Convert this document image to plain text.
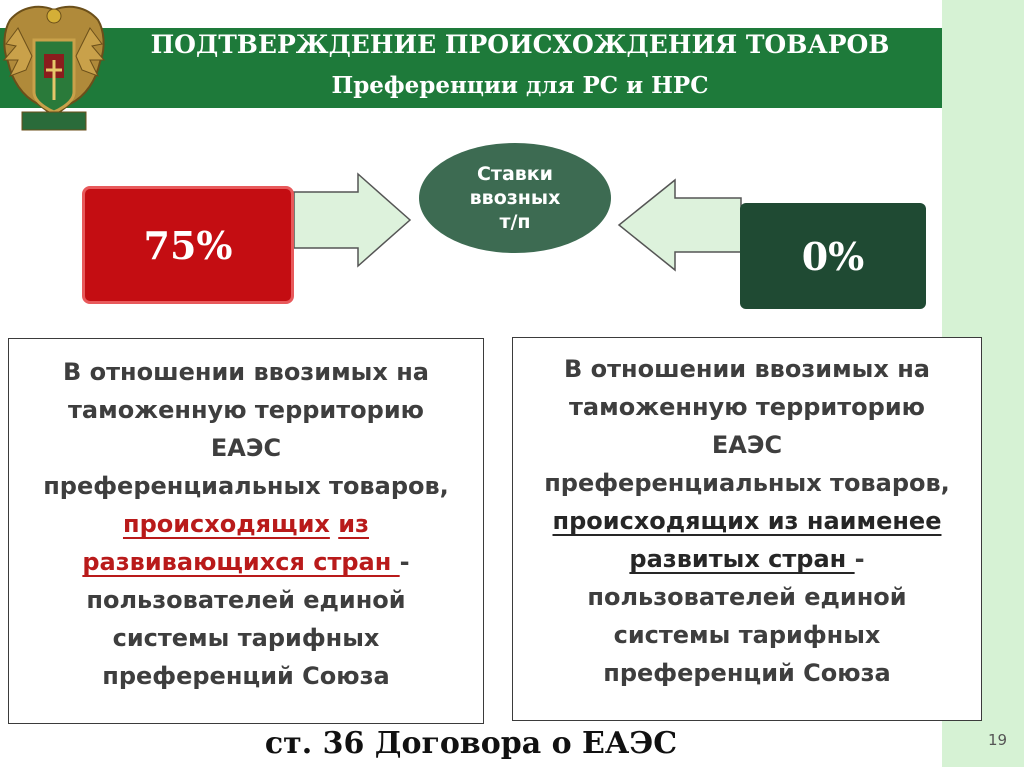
ПОДТВЕРЖДЕНИЕ ПРОИСХОЖДЕНИЯ ТОВАРОВ
Преференции для РС и НРС
75%	0%
Ставки
ввозных
т/п
В отношении ввозимых на
таможенную территорию
ЕАЭС
преференциальных товаров,
происходящих из
развивающихся стран -
пользователей единой
системы тарифных
преференций Союза
В отношении ввозимых на
таможенную территорию
ЕАЭС
преференциальных товаров,
происходящих из наименее
развитых стран -
пользователей единой
системы тарифных
преференций Союза
ст. 36 Договора о ЕАЭС	19
